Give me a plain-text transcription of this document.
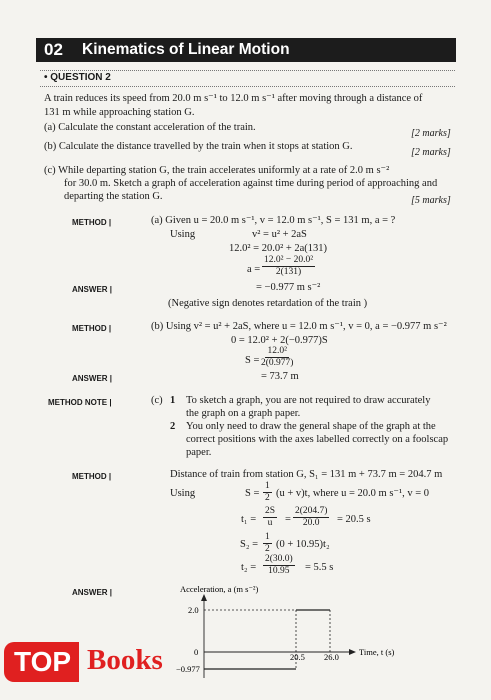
02	Kinematics of Linear Motion
• QUESTION 2
A train reduces its speed from 20.0 m s⁻¹ to 12.0 m s⁻¹ after moving through a distance of
131 m while approaching station G.
(a) Calculate the constant acceleration of the train.
[2 marks]
(b) Calculate the distance travelled by the train when it stops at station G.
[2 marks]
(c) While departing station G, the train accelerates uniformly at a rate of 2.0 m s⁻²
for 30.0 m. Sketch a graph of acceleration against time during period of approaching and
departing the station G.	[5 marks]
METHOD |	(a) Given u = 20.0 m s⁻¹, v = 12.0 m s⁻¹, S = 131 m, a = ?
Using	v² = u² + 2aS
12.0² = 20.0² + 2a(131)
$a = \frac{\text{12.0² − 20.0²}}{2(131)}$
ANSWER |	= −0.977 m s⁻²
(Negative sign denotes retardation of the train )
METHOD |	(b) Using v² = u² + 2aS, where u = 12.0 m s⁻¹, v = 0, a = −0.977 m s⁻²
0 = 12.0² + 2(−0.977)S
$S = \frac{\text{12.0²}}{2(0.977)}$
ANSWER |	= 73.7 m
METHOD NOTE |	(c) 1 To sketch a graph, you are not required to draw accurately
the graph on a graph paper.
2 You only need to draw the general shape of the graph at the
correct positions with the axes labelled correctly on a foolscap
paper.
METHOD |	Distance of train from station G, S₁ = 131 m + 73.7 m = 204.7 m
Using	$S = \frac{1}{2} (u + v)t$, where u = 20.0 m s⁻¹, v = 0
$t_1 = \frac{2S}{u} = \frac{2(204.7)}{20.0} = 20.5$ s
$S_2 = \frac{1}{2} (0 + 10.95)t_2$
$t_2 = \frac{2(30.0)}{10.95} = 5.5$ s
ANSWER |	Acceleration, a (m s⁻²)
Time, t (s)
0
2.0
−0.977
20.5 26.0
TOP Books
